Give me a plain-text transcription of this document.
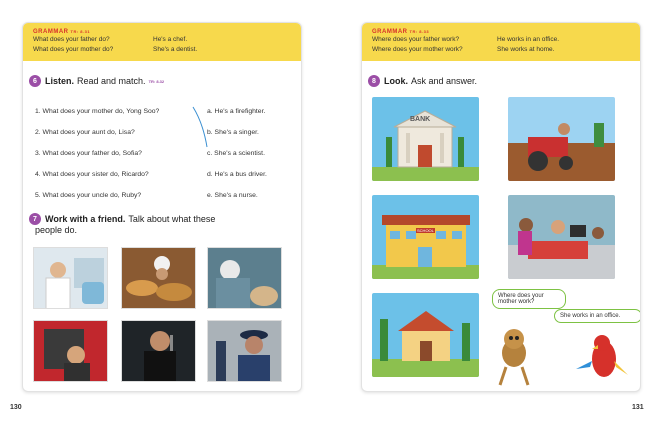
GRAMMAR TR: 8.31
What does your father do?	He's a chef.
What does your mother do?	She's a dentist.
6 Listen. Read and match. TR: 8.32
1. What does your mother do, Yong Soo?	a. He's a firefighter.
2. What does your aunt do, Lisa?	b. She's a singer.
3. What does your father do, Sofia?	c. She's a scientist.
4. What does your sister do, Ricardo?	d. He's a bus driver.
5. What does your uncle do, Ruby?	e. She's a nurse.
7 Work with a friend. Talk about what these
people do.
130
GRAMMAR TR: 8.33
Where does your father work?	He works in an office.
Where does your mother work?	She works at home.
8 Look. Ask and answer.
BANK
SCHOOL
Where does your mother work?
She works in an office.
131
